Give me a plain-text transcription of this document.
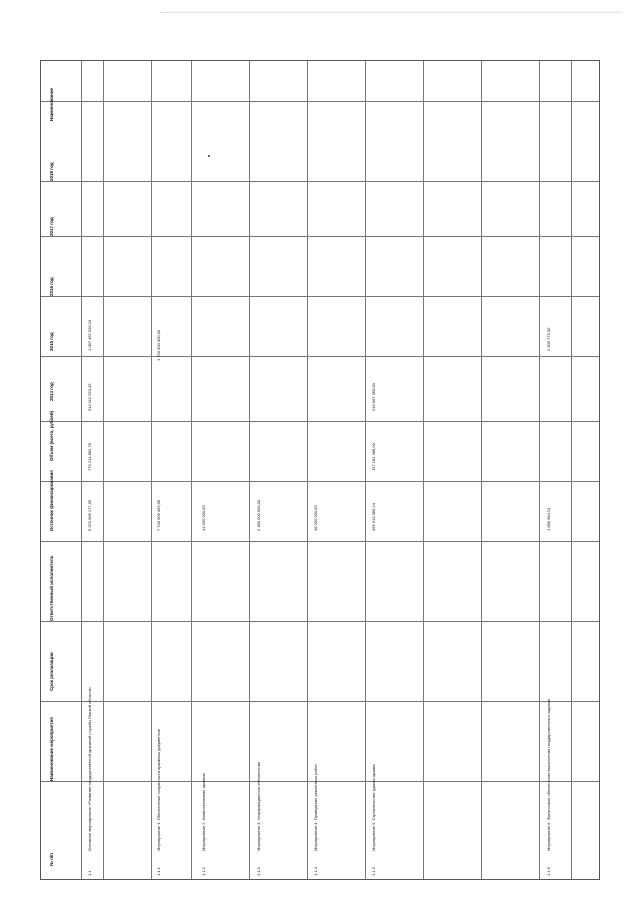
№ п/п
Наименование мероприятия
Срок реализации
Ответственный исполнитель
Источник финансирования
Объем (всего, рублей)
2014 год
2015 год
2016 год
2017 год
2018 год
Наименование
1.1
Основное мероприятие «Развитие государственной архивной службы Омской области»
6 370 986 177,55
779 214 882,78
914 112 553,43
1 087 487 526,10
1.1.1
Мероприятие 1. Обеспечение сохранности архивных документов
7 749 999 499,06
1 750 000 000,00
1.1.2
Мероприятие 2. Комплектование архивов
41 000 000,00
1.1.3
Мероприятие 3. Информационное обеспечение
2 380 000 000,00
1.1.4
Мероприятие 4. Проведение ремонтных работ
45 000 000,00
1.1.5
Мероприятие 5. Строительство здания архива
455 913 089,24
157 181 388,00
219 607 360,00
1.1.6
Мероприятие 6. Финансовое обеспечение выполнения государственного задания
1 680 984,24
2 300 775,00
